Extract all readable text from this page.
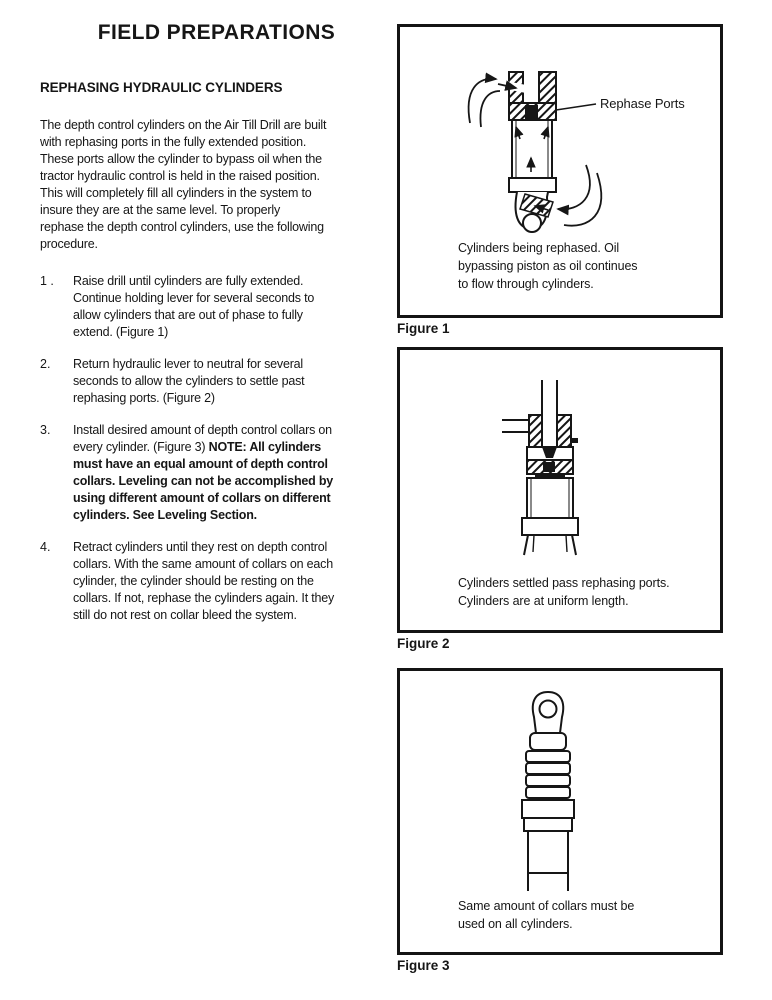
FIELD PREPARATIONS
REPHASING HYDRAULIC CYLINDERS

The depth control cylinders on the Air Till Drill are built
with rephasing ports in the fully extended position.
These ports allow the cylinder to bypass oil when the
tractor hydraulic control is held in the raised position.
This will completely fill all cylinders in the system to
insure they are at the same level. To properly
rephase the depth control cylinders, use the following
procedure.

1 .	Raise drill until cylinders are fully extended.
Continue holding lever for several seconds to
allow cylinders that are out of phase to fully
extend. (Figure 1)
2.	Return hydraulic lever to neutral for several
seconds to allow the cylinders to settle past
rephasing ports. (Figure 2)
3.	Install desired amount of depth control collars on
every cylinder. (Figure 3) NOTE: All cylinders
must have an equal amount of depth control
collars. Leveling can not be accomplished by
using different amount of collars on different
cylinders. See Leveling Section.
4.	Retract cylinders until they rest on depth control
collars. With the same amount of collars on each
cylinder, the cylinder should be resting on the
collars. If not, rephase the cylinders again. It they
still do not rest on collar bleed the system.
Rephase Ports

Cylinders being rephased. Oil
bypassing piston as oil continues
to flow through cylinders.

Figure 1

Cylinders settled pass rephasing ports.
Cylinders are at uniform length.

Figure 2

Same amount of collars must be
used on all cylinders.

Figure 3
